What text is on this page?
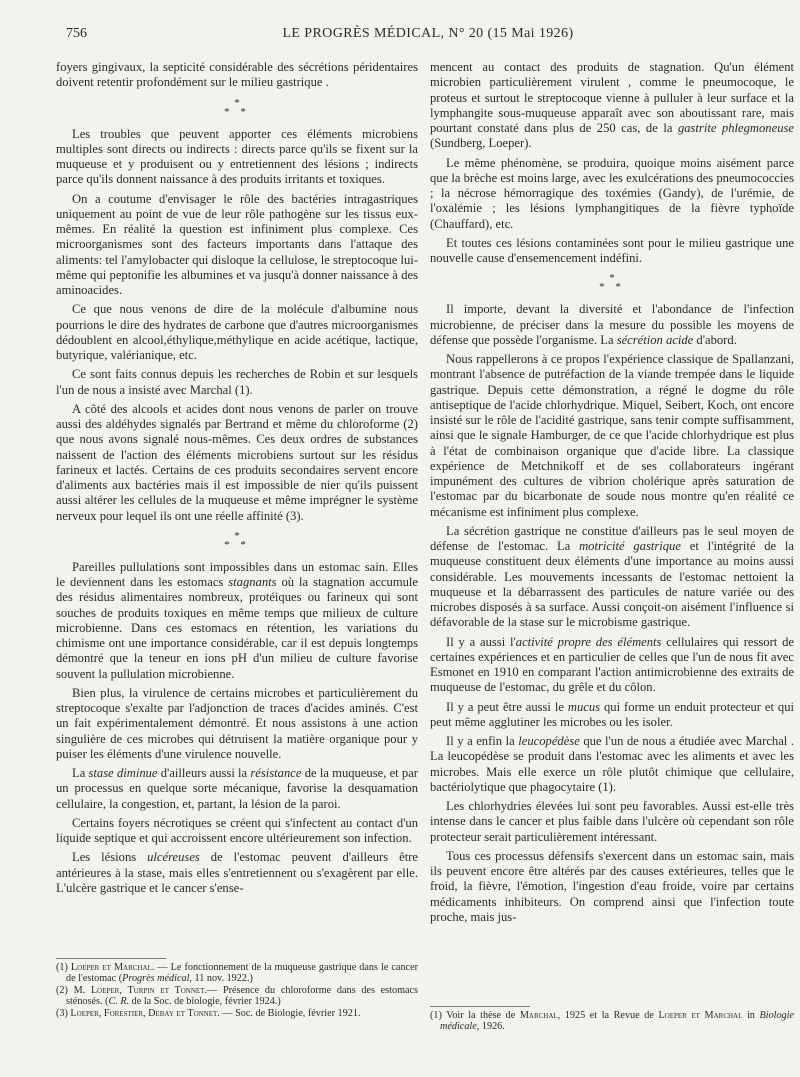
756	LE PROGRÈS MÉDICAL, N° 20 (15 Mai 1926)

foyers gingivaux, la septicité considérable des sécrétions péridentaires doivent retentir profondément sur le milieu gastrique .

*
* *

Les troubles que peuvent apporter ces éléments microbiens multiples sont directs ou indirects : directs parce qu'ils se fixent sur la muqueuse et y produisent ou y entretiennent des lésions ; indirects parce qu'ils donnent naissance à des produits irritants et toxiques.

On a coutume d'envisager le rôle des bactéries intragastriques uniquement au point de vue de leur rôle pathogène sur les tissus eux-mêmes. En réalité la question est infiniment plus complexe. Ces microorganismes sont des facteurs importants dans l'attaque des aliments: tel l'amylobacter qui disloque la cellulose, le streptocoque lui-même qui peptonifie les albumines et va jusqu'à donner naissance à des aminoacides.

Ce que nous venons de dire de la molécule d'albumine nous pourrions le dire des hydrates de carbone que d'autres microorganismes dédoublent en alcool,éthylique,méthylique en acide acétique, lactique, butyrique, valérianique, etc.

Ce sont faits connus depuis les recherches de Robin et sur lesquels l'un de nous a insisté avec Marchal (1).

A côté des alcools et acides dont nous venons de parler on trouve aussi des aldéhydes signalés par Bertrand et même du chloroforme (2) que nous avons signalé nous-mêmes. Ces deux ordres de substances naissent de l'action des éléments microbiens surtout sur les résidus farineux et lactés. Certains de ces produits secondaires servent encore d'aliments aux bactéries mais il est impossible de nier qu'ils puissent aussi altérer les cellules de la muqueuse et même imprégner le système nerveux pour lequel ils ont une réelle affinité (3).

*
* *

Pareilles pullulations sont impossibles dans un estomac sain. Elles le deviennent dans les estomacs stagnants où la stagnation accumule des résidus alimentaires nombreux, protéiques ou farineux qui sont souches de produits toxiques en même temps que milieux de culture microbienne. Dans ces estomacs en rétention, les variations du chimisme ont une importance considérable, car il est depuis longtemps démontré que la teneur en ions pH d'un milieu de culture favorise souvent la pullulation microbienne.

Bien plus, la virulence de certains microbes et particulièrement du streptocoque s'exalte par l'adjonction de traces d'acides aminés. C'est un fait expérimentalement démontré. Et nous assistons à une action singulière de ces microbes qui détruisent la matière organique pour y puiser les éléments d'une virulence nouvelle.

La stase diminue d'ailleurs aussi la résistance de la muqueuse, et par un processus en quelque sorte mécanique, favorise la desquamation cellulaire, la congestion, et, partant, la lésion de la paroi.

Certains foyers nécrotiques se créent qui s'infectent au contact d'un liquide septique et qui accroissent encore ultérieurement son infection.

Les lésions ulcéreuses de l'estomac peuvent d'ailleurs être antérieures à la stase, mais elles s'entretiennent ou s'exagèrent par elle. L'ulcère gastrique et le cancer s'ense-

(1) Loeper et Marchal. — Le fonctionnement de la muqueuse gastrique dans le cancer de l'estomac (Progrès médical, 11 nov. 1922.)

(2) M. Loeper, Turpin et Tonnet.— Présence du chloroforme dans des estomacs sténosés. (C. R. de la Soc. de biologie, février 1924.)

(3) Loeper, Forestier, Debay et Tonnet. — Soc. de Biologie, février 1921.

mencent au contact des produits de stagnation. Qu'un élément microbien particulièrement virulent , comme le pneumocoque, le proteus et surtout le streptocoque vienne à pulluler à leur surface et la lymphangite sous-muqueuse apparaît avec son aboutissant rare, mais pourtant constaté dans plus de 250 cas, de la gastrite phlegmoneuse (Sundberg, Loeper).

Le même phénomène, se produira, quoique moins aisément parce que la brèche est moins large, avec les exulcérations des pneumococcies ; la nécrose hémorragique des toxémies (Gandy), de l'urémie, de l'oxalémie ; les lésions lymphangitiques de la fièvre typhoïde (Chauffard), etc.

Et toutes ces lésions contaminées sont pour le milieu gastrique une nouvelle cause d'ensemencement indéfini.

*
* *

Il importe, devant la diversité et l'abondance de l'infection microbienne, de préciser dans la mesure du possible les moyens de défense que possède l'organisme. La sécrétion acide d'abord.

Nous rappellerons à ce propos l'expérience classique de Spallanzani, montrant l'absence de putréfaction de la viande trempée dans le liquide gastrique. Depuis cette démonstration, a régné le dogme du rôle antiseptique de l'acide chlorhydrique. Miquel, Seibert, Koch, ont encore insisté sur le rôle de l'acidité gastrique, sans tenir compte suffisamment, ainsi que le signale Hamburger, de ce que l'acide chlorhydrique est plus à l'état de combinaison organique que d'acide libre. La classique expérience de Metchnikoff et de ses collaborateurs ingérant impunément des cultures de vibrion cholérique après saturation de l'estomac par du bicarbonate de soude nous montre qu'en réalité ce mécanisme est infiniment plus complexe.

La sécrétion gastrique ne constitue d'ailleurs pas le seul moyen de défense de l'estomac. La motricité gastrique et l'intégrité de la muqueuse constituent deux éléments d'une importance au moins aussi considérable. Les mouvements incessants de l'estomac nettoient la muqueuse et la débarrassent des particules de nature variée ou des microbes disposés à sa surface. Aussi conçoit-on aisément l'influence si défavorable de la stase sur le microbisme gastrique.

Il y a aussi l'activité propre des éléments cellulaires qui ressort de certaines expériences et en particulier de celles que l'un de nous fit avec Esmonet en 1910 en comparant l'action antimicrobienne des extraits de muqueuse de l'estomac, du grêle et du côlon.

Il y a peut être aussi le mucus qui forme un enduit protecteur et qui peut même agglutiner les microbes ou les isoler.

Il y a enfin la leucopédèse que l'un de nous a étudiée avec Marchal . La leucopédèse se produit dans l'estomac avec les aliments et avec les microbes. Mais elle exerce un rôle plutôt chimique que cellulaire, bactériolytique que phagocytaire (1).

Les chlorhydries élevées lui sont peu favorables. Aussi est-elle très intense dans le cancer et plus faible dans l'ulcère où cependant son rôle protecteur serait particulièrement intéressant.

Tous ces processus défensifs s'exercent dans un estomac sain, mais ils peuvent encore être altérés par des causes extérieures, telles que le froid, la fièvre, l'émotion, l'ingestion d'eau froide, voire par certains médicaments inhibiteurs. On comprend ainsi que l'infection toute proche, mais jus-

(1) Voir la thèse de Marchal, 1925 et la Revue de Loeper et Marchal in Biologie médicale, 1926.
